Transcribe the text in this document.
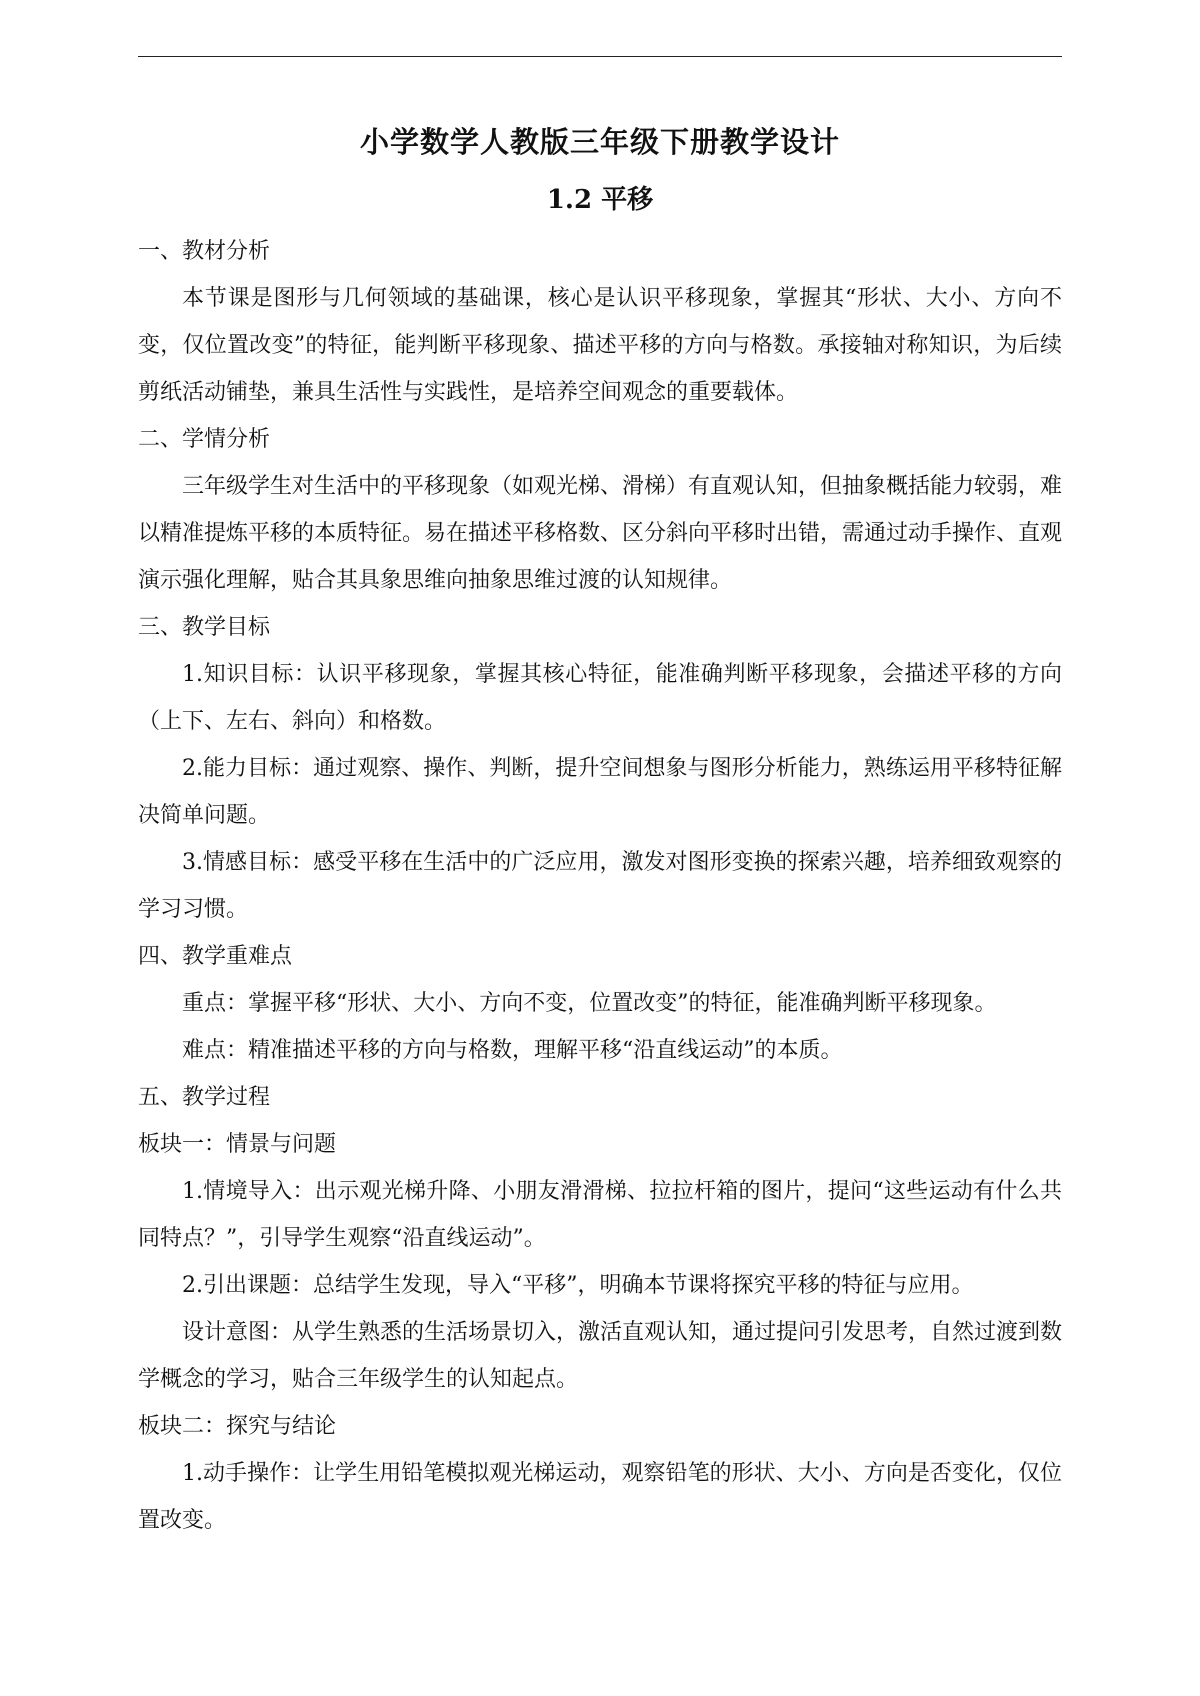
小学数学人教版三年级下册教学设计
1.2 平移

一、教材分析

本节课是图形与几何领域的基础课，核心是认识平移现象，掌握其“形状、大小、方向不变，仅位置改变”的特征，能判断平移现象、描述平移的方向与格数。承接轴对称知识，为后续剪纸活动铺垫，兼具生活性与实践性，是培养空间观念的重要载体。

二、学情分析

三年级学生对生活中的平移现象（如观光梯、滑梯）有直观认知，但抽象概括能力较弱，难以精准提炼平移的本质特征。易在描述平移格数、区分斜向平移时出错，需通过动手操作、直观演示强化理解，贴合其具象思维向抽象思维过渡的认知规律。

三、教学目标

1.知识目标：认识平移现象，掌握其核心特征，能准确判断平移现象，会描述平移的方向（上下、左右、斜向）和格数。

2.能力目标：通过观察、操作、判断，提升空间想象与图形分析能力，熟练运用平移特征解决简单问题。

3.情感目标：感受平移在生活中的广泛应用，激发对图形变换的探索兴趣，培养细致观察的学习习惯。

四、教学重难点

重点：掌握平移“形状、大小、方向不变，位置改变”的特征，能准确判断平移现象。

难点：精准描述平移的方向与格数，理解平移“沿直线运动”的本质。

五、教学过程

板块一：情景与问题

1.情境导入：出示观光梯升降、小朋友滑滑梯、拉拉杆箱的图片，提问“这些运动有什么共同特点？”，引导学生观察“沿直线运动”。

2.引出课题：总结学生发现，导入“平移”，明确本节课将探究平移的特征与应用。

设计意图：从学生熟悉的生活场景切入，激活直观认知，通过提问引发思考，自然过渡到数学概念的学习，贴合三年级学生的认知起点。

板块二：探究与结论

1.动手操作：让学生用铅笔模拟观光梯运动，观察铅笔的形状、大小、方向是否变化，仅位置改变。
